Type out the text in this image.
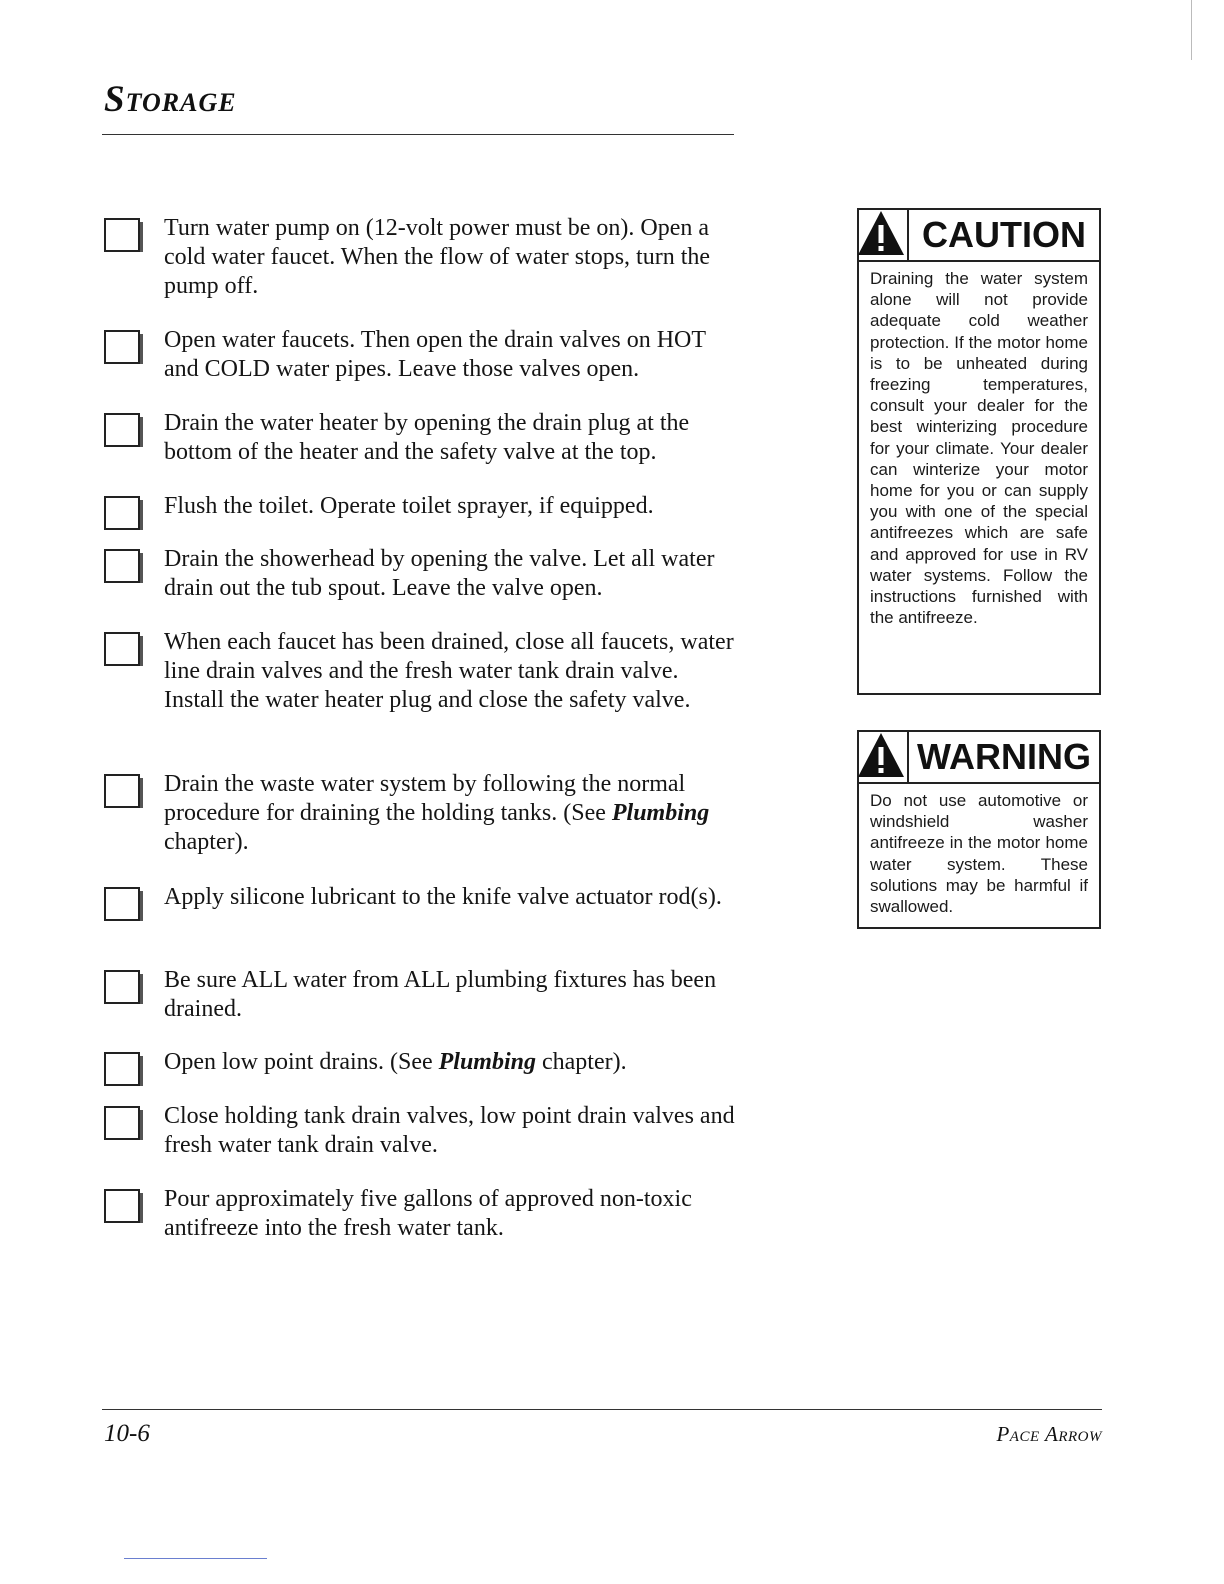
Storage
Turn water pump on (12-volt power must be on). Open a cold water faucet. When the flow of water stops, turn the pump off.
Open water faucets. Then open the drain valves on HOT and COLD water pipes. Leave those valves open.
Drain the water heater by opening the drain plug at the bottom of the heater and the safety valve at the top.
Flush the toilet. Operate toilet sprayer, if equipped.
Drain the showerhead by opening the valve. Let all water drain out the tub spout. Leave the valve open.
When each faucet has been drained, close all faucets, water line drain valves and the fresh water tank drain valve. Install the water heater plug and close the safety valve.
Drain the waste water system by following the normal procedure for draining the holding tanks. (See Plumbing chapter).
Apply silicone lubricant to the knife valve actuator rod(s).
Be sure ALL water from ALL plumbing fixtures has been drained.
Open low point drains. (See Plumbing chapter).
Close holding tank drain valves, low point drain valves and fresh water tank drain valve.
Pour approximately five gallons of approved non-toxic antifreeze into the fresh water tank.
CAUTION
Draining the water system alone will not provide adequate cold weather protection. If the motor home is to be unheated during freezing temperatures, consult your dealer for the best winterizing procedure for your climate. Your dealer can winterize your motor home for you or can supply you with one of the special antifreezes which are safe and approved for use in RV water systems. Follow the instructions furnished with the antifreeze.
WARNING
Do not use automotive or windshield washer antifreeze in the motor home water system. These solutions may be harmful if swallowed.
10-6	Pace Arrow
